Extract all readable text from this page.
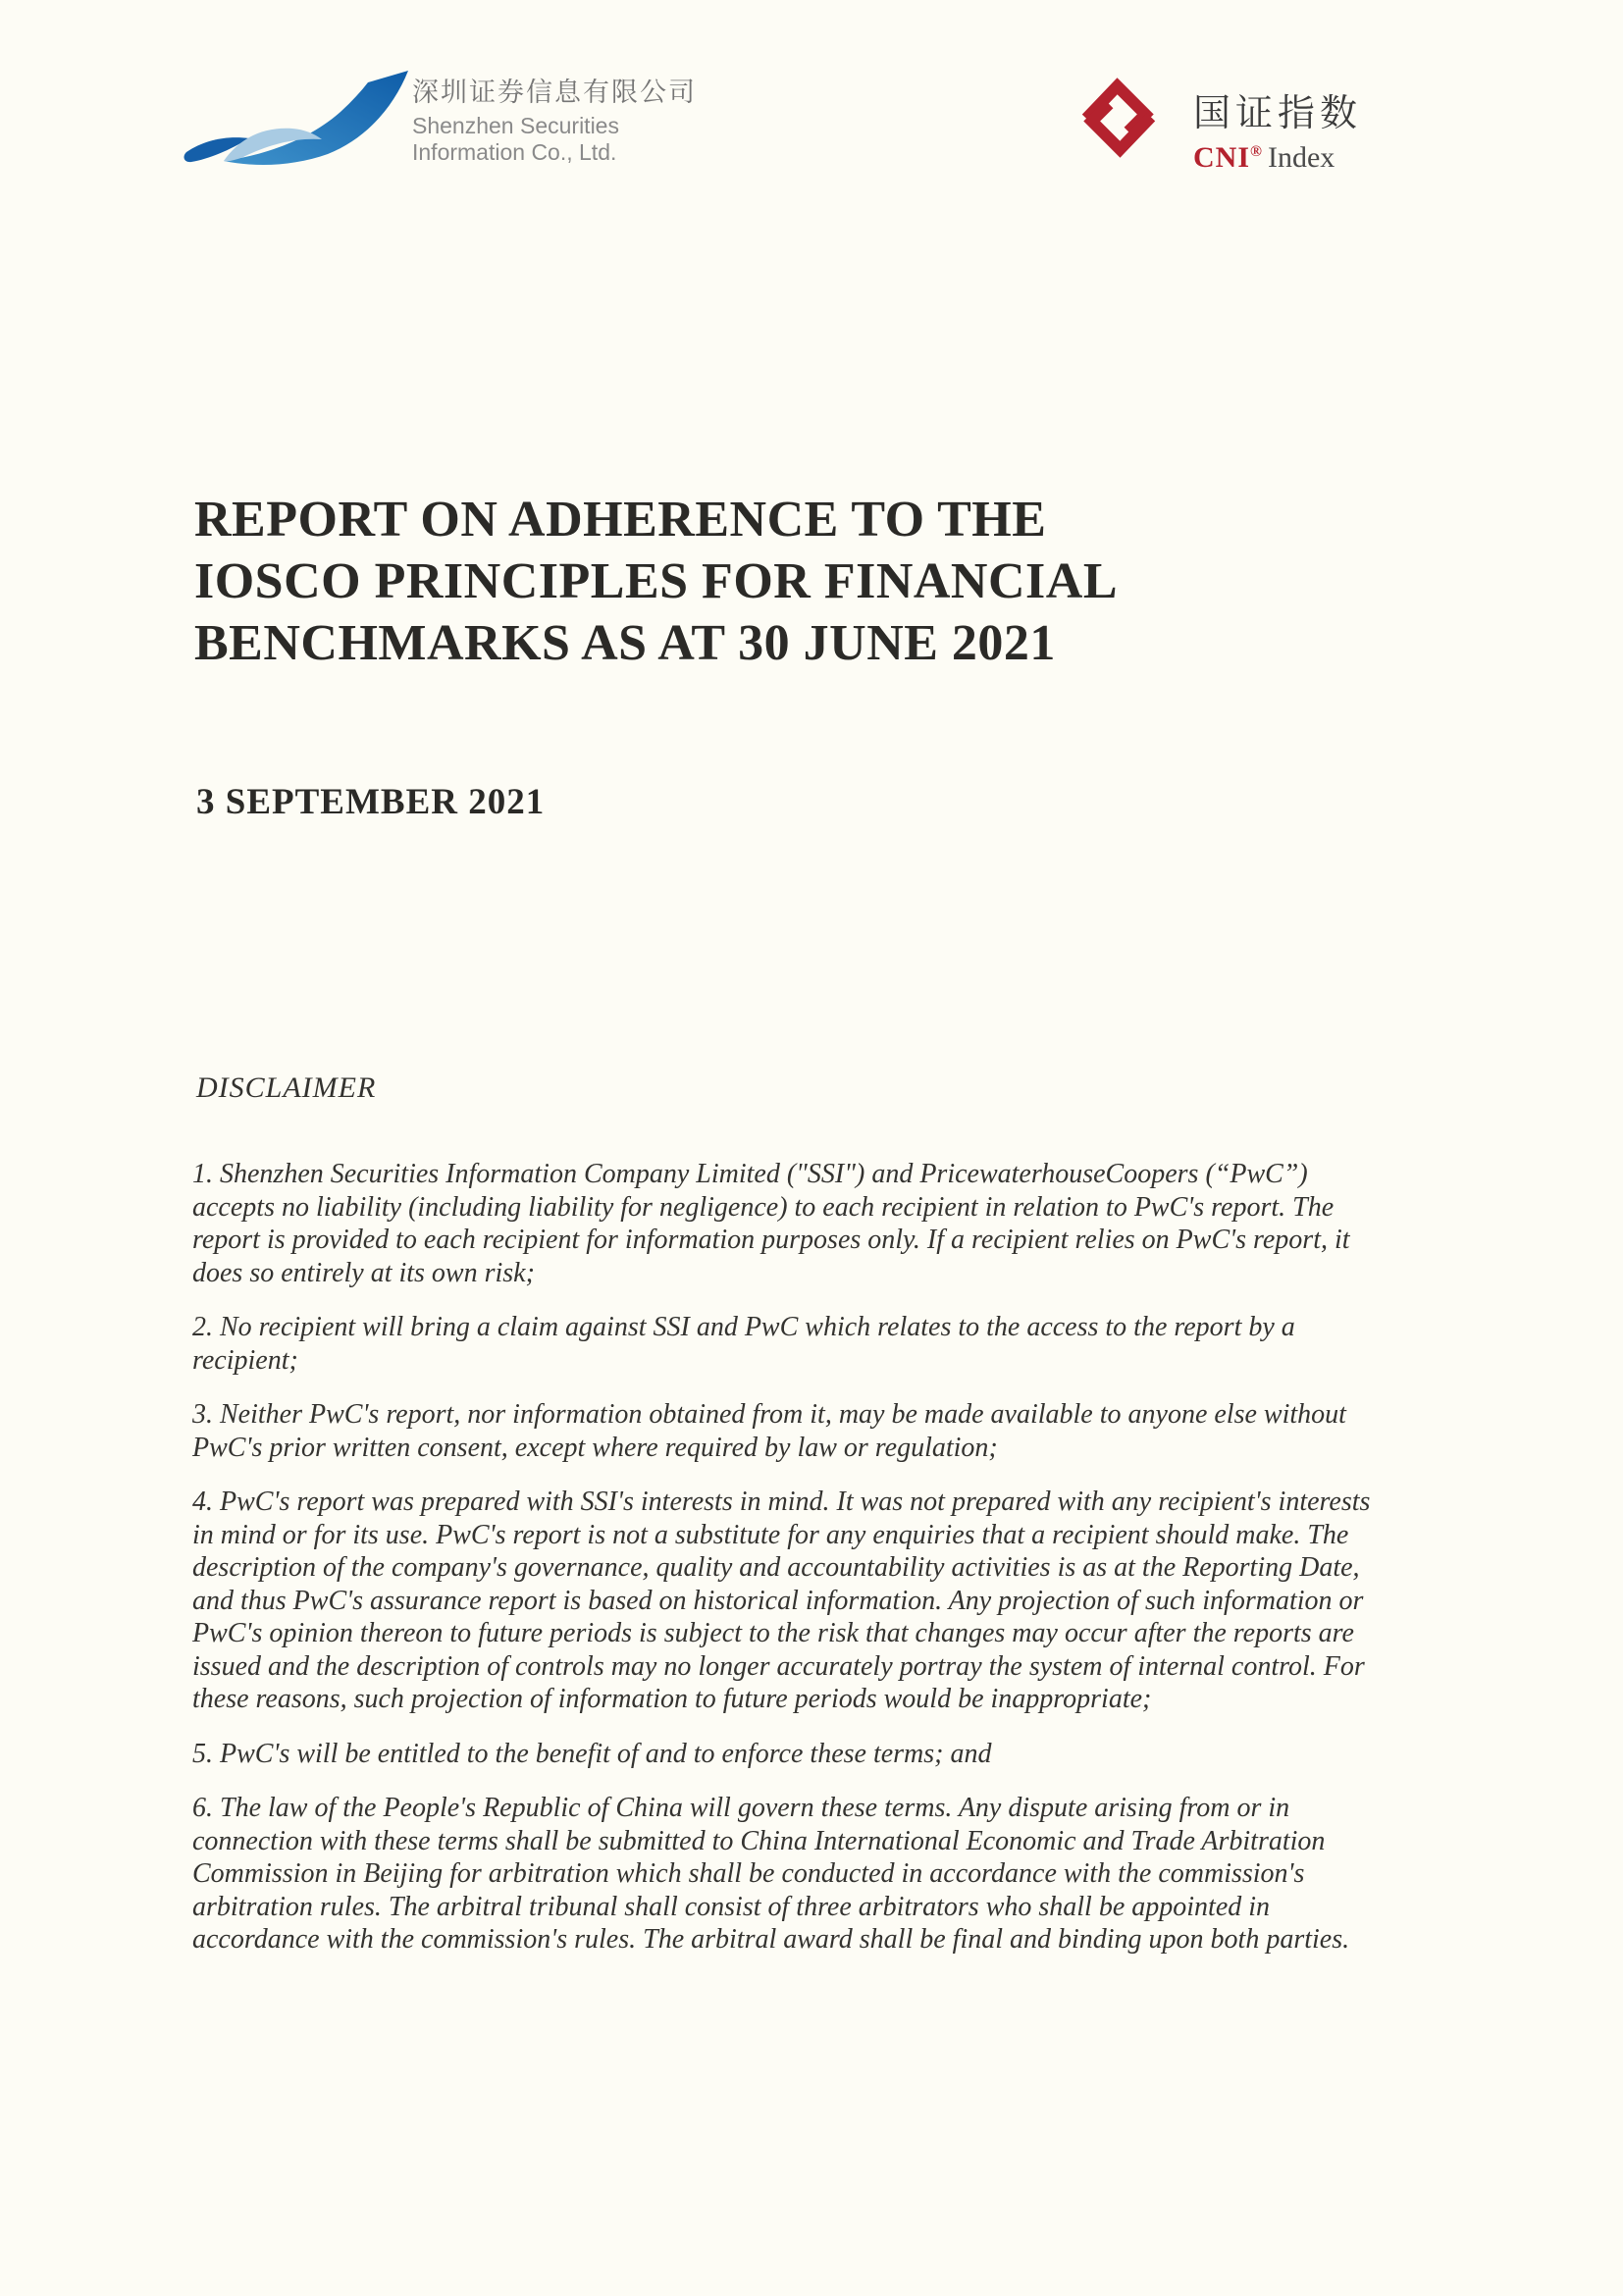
深圳证券信息有限公司
Shenzhen Securities
Information Co., Ltd.
国证指数
CNI® Index
REPORT ON ADHERENCE TO THE
IOSCO PRINCIPLES FOR FINANCIAL
BENCHMARKS AS AT 30 JUNE 2021
3 SEPTEMBER 2021
DISCLAIMER

1. Shenzhen Securities Information Company Limited ("SSI") and PricewaterhouseCoopers (“PwC”) accepts no liability (including liability for negligence) to each recipient in relation to PwC's report. The report is provided to each recipient for information purposes only. If a recipient relies on PwC's report, it does so entirely at its own risk;

2. No recipient will bring a claim against SSI and PwC which relates to the access to the report by a recipient;

3. Neither PwC's report, nor information obtained from it, may be made available to anyone else without PwC's prior written consent, except where required by law or regulation;

4. PwC's report was prepared with SSI's interests in mind. It was not prepared with any recipient's interests in mind or for its use. PwC's report is not a substitute for any enquiries that a recipient should make. The description of the company's governance, quality and accountability activities is as at the Reporting Date, and thus PwC's assurance report is based on historical information. Any projection of such information or PwC's opinion thereon to future periods is subject to the risk that changes may occur after the reports are issued and the description of controls may no longer accurately portray the system of internal control. For these reasons, such projection of information to future periods would be inappropriate;

5. PwC's will be entitled to the benefit of and to enforce these terms; and

6. The law of the People's Republic of China will govern these terms. Any dispute arising from or in connection with these terms shall be submitted to China International Economic and Trade Arbitration Commission in Beijing for arbitration which shall be conducted in accordance with the commission's arbitration rules. The arbitral tribunal shall consist of three arbitrators who shall be appointed in accordance with the commission's rules. The arbitral award shall be final and binding upon both parties.
